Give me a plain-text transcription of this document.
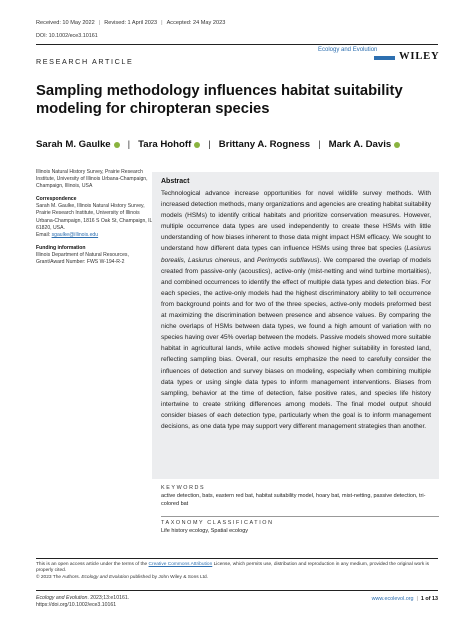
Received: 10 May 2022 | Revised: 1 April 2023 | Accepted: 24 May 2023
DOI: 10.1002/ece3.10161
Ecology and Evolution
WILEY
RESEARCH ARTICLE
Sampling methodology influences habitat suitability modeling for chiropteran species
Sarah M. Gaulke | Tara Hohoff | Brittany A. Rogness | Mark A. Davis
Illinois Natural History Survey, Prairie Research Institute, University of Illinois Urbana-Champaign, Champaign, Illinois, USA
Correspondence
Sarah M. Gaulke, Illinois Natural History Survey, Prairie Research Institute, University of Illinois Urbana-Champaign, 1816 S Oak St, Champaign, IL 61820, USA.
Email: sgaulke@illinois.edu
Funding information
Illinois Department of Natural Resources, Grant/Award Number: FWS W-194-R-2
Abstract

Technological advance increase opportunities for novel wildlife survey methods. With increased detection methods, many organizations and agencies are creating habitat suitability models (HSMs) to identify critical habitats and prioritize conservation measures. However, multiple occurrence data types are used independently to create these HSMs with little understanding of how biases inherent to those data might impact HSM efficacy. We sought to understand how different data types can influence HSMs using three bat species (Lasiurus borealis, Lasiurus cinereus, and Perimyotis subflavus). We compared the overlap of models created from passive-only (acoustics), active-only (mist-netting and wind turbine mortalities), and combined occurrences to identify the effect of multiple data types and detection bias. For each species, the active-only models had the highest discriminatory ability to tell occurrence from background points and for two of the three species, active-only models preformed best at maximizing the discrimination between presence and absence values. By comparing the niche overlaps of HSMs between data types, we found a high amount of variation with no species having over 45% overlap between the models. Passive models showed more suitable habitat in agricultural lands, while active models showed higher suitability in forested land, reflecting sampling bias. Overall, our results emphasize the need to carefully consider the influences of detection and survey biases on modeling, especially when combining multiple data types or using single data types to inform management interventions. Biases from sampling, behavior at the time of detection, false positive rates, and species life history intertwine to create striking differences among models. The final model output should consider biases of each detection type, particularly when the goal is to inform management decisions, as one data type may support very different management strategies than another.

KEYWORDS
active detection, bats, eastern red bat, habitat suitability model, hoary bat, mist-netting, passive detection, tri-colored bat
TAXONOMY CLASSIFICATION
Life history ecology, Spatial ecology
This is an open access article under the terms of the Creative Commons Attribution License, which permits use, distribution and reproduction in any medium, provided the original work is properly cited.
© 2023 The Authors. Ecology and Evolution published by John Wiley & Sons Ltd.
Ecology and Evolution. 2023;13:e10161.
https://doi.org/10.1002/ece3.10161
www.ecolevol.org | 1 of 13
